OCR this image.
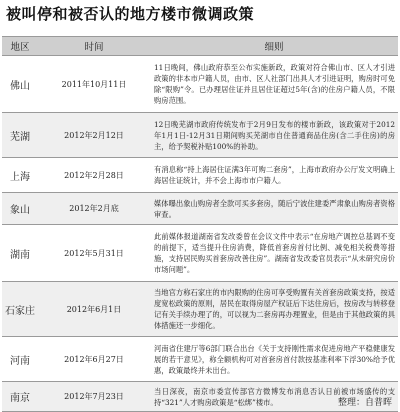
被叫停和被否认的地方楼市微调政策
地区	时间	细则
佛山	2011年10月11日	11日晚间，佛山政府恭至公布实施新政，政策对符合佛山市、区人才引进政策的非本市户籍人员，由市、区人社部门出具人才引进证明，购房时可免除“限购”令。已办理居住证并且居住证超过5年(含)的住房户籍人员，不限购房范围。
芜湖	2012年2月12日	12日晚芜湖市政府传统发布于2月9日发布的楼市新政，该政策对于2012年1月1日-12月31日期间购买芜湖市自住普通商品住房(含二手住房)的房主，给予契税补贴100%的补助。
上海	2012年2月28日	有消息称“持上海居住证满3年可购二套房”，上海市政府办公厅发文明确上海居住证统计，并不会上海市市户籍人。
象山	2012年2月底	媒体曝出象山购房者全款可买多套房，随后宁波住建委严肃象山购房者资格审查。
湖南	2012年5月31日	此前媒体报道湖南省发改委曾在会议文件中表示“在房地产调控总基调不变的前提下，适当提升住房消费，降低首套房首付比例、减免相关税费等措施，支持居民购买首套房改善住房”。湖南省发改委官员表示“从未研究房价市场问题”。
石家庄	2012年6月1日	当地官方称石家庄的市内限购的住房可享受购置有关首套房政策支持，按适度宽松政策的原则，居民在取得房屋产权证后下达住房后，按房改与转移登记有关手续办理了的，可以视为二套房再办理置业，但是由于其他政策的具体措施还一步细化。
河南	2012年6月27日	河南省住建厅等6部门联合出台《关于支持刚性需求促进房地产平稳健康发展的若干意见》，称全额机构可对首套房首付款按基准利率下浮30%给予优惠，政策最终并未出台。
南京	2012年7月23日	当日深夜，南京市委宣传部官方微博发布消息否认日前被市场盛传的支持“321”人才购房政策是“松绑”楼市。	整理：自普晖
